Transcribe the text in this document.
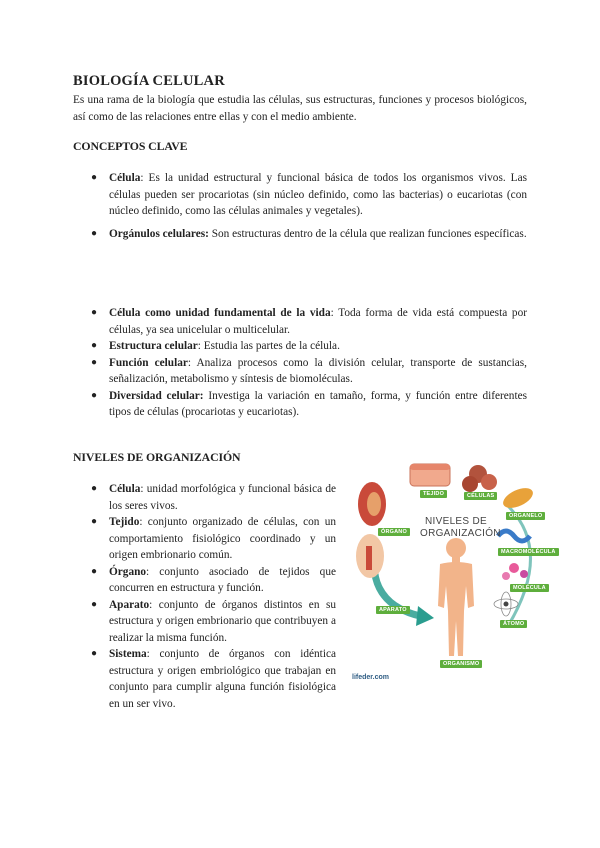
BIOLOGÍA CELULAR

Es una rama de la biología que estudia las células, sus estructuras, funciones y procesos biológicos, así como de las relaciones entre ellas y con el medio ambiente.

CONCEPTOS CLAVE
● Célula: Es la unidad estructural y funcional básica de todos los organismos vivos. Las células pueden ser procariotas (sin núcleo definido, como las bacterias) o eucariotas (con núcleo definido, como las células animales y vegetales).
● Orgánulos celulares: Son estructuras dentro de la célula que realizan funciones específicas.
● Célula como unidad fundamental de la vida: Toda forma de vida está compuesta por células, ya sea unicelular o multicelular.
● Estructura celular: Estudia las partes de la célula.
● Función celular: Analiza procesos como la división celular, transporte de sustancias, señalización, metabolismo y síntesis de biomoléculas.
● Diversidad celular: Investiga la variación en tamaño, forma, y función entre diferentes tipos de células (procariotas y eucariotas).
NIVELES DE ORGANIZACIÓN
● Célula: unidad morfológica y funcional básica de los seres vivos.
● Tejido: conjunto organizado de células, con un comportamiento fisiológico coordinado y un origen embrionario común.
● Órgano: conjunto asociado de tejidos que concurren en estructura y función.
● Aparato: conjunto de órganos distintos en su estructura y origen embrionario que contribuyen a realizar la misma función.
● Sistema: conjunto de órganos con idéntica estructura y origen embriológico que trabajan en conjunto para cumplir alguna función fisiológica en un ser vivo.
NIVELES DE
ORGANIZACIÓN
TEJIDO	CÉLULAS
ÓRGANO
ORGANELO
MACROMOLÉCULA
MOLÉCULA
APARATO
ÁTOMO
ORGANISMO
lifeder.com
